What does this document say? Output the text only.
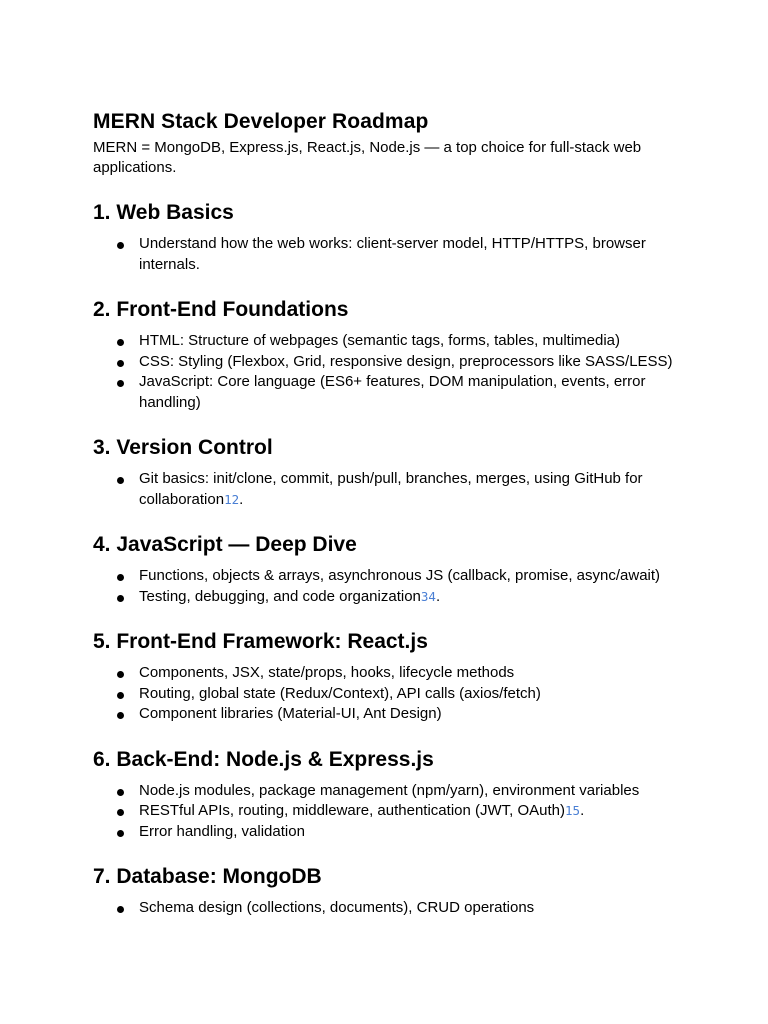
MERN Stack Developer Roadmap

MERN = MongoDB, Express.js, React.js, Node.js — a top choice for full-stack web applications.

1. Web Basics
Understand how the web works: client-server model, HTTP/HTTPS, browser internals.
2. Front-End Foundations
HTML: Structure of webpages (semantic tags, forms, tables, multimedia)
CSS: Styling (Flexbox, Grid, responsive design, preprocessors like SASS/LESS)
JavaScript: Core language (ES6+ features, DOM manipulation, events, error handling)
3. Version Control
Git basics: init/clone, commit, push/pull, branches, merges, using GitHub for collaboration12.
4. JavaScript — Deep Dive
Functions, objects & arrays, asynchronous JS (callback, promise, async/await)
Testing, debugging, and code organization34.
5. Front-End Framework: React.js
Components, JSX, state/props, hooks, lifecycle methods
Routing, global state (Redux/Context), API calls (axios/fetch)
Component libraries (Material-UI, Ant Design)
6. Back-End: Node.js & Express.js
Node.js modules, package management (npm/yarn), environment variables
RESTful APIs, routing, middleware, authentication (JWT, OAuth)15.
Error handling, validation
7. Database: MongoDB
Schema design (collections, documents), CRUD operations
